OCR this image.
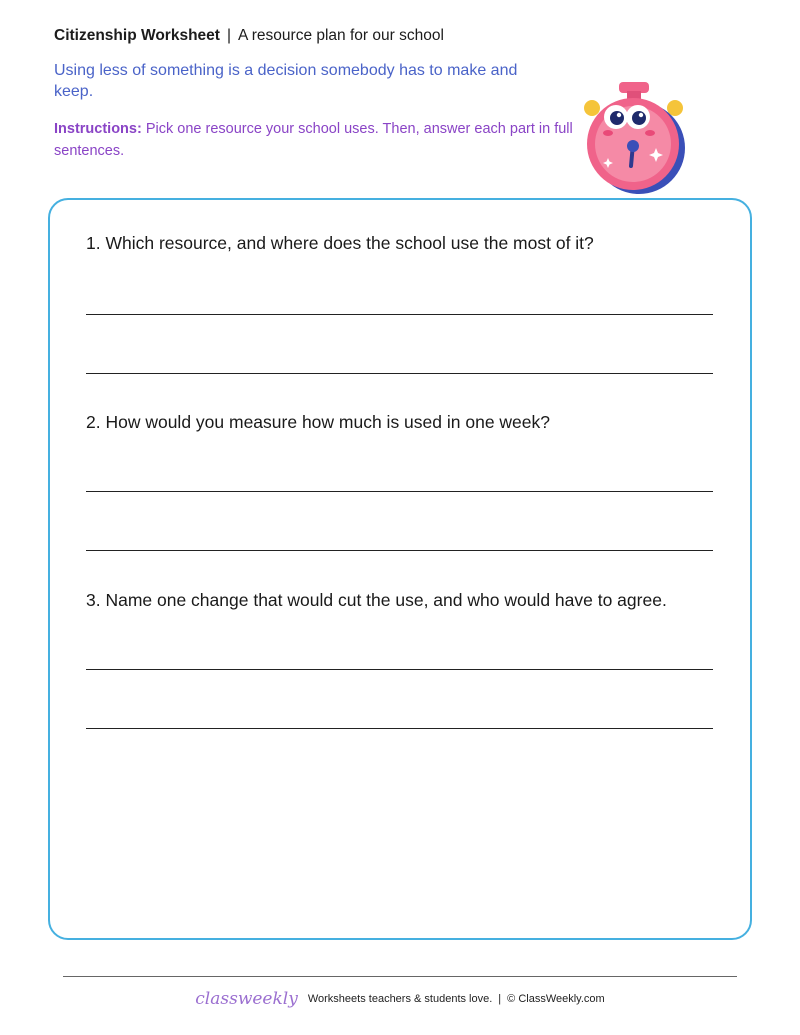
Citizenship Worksheet | A resource plan for our school
Using less of something is a decision somebody has to make and keep.
Instructions: Pick one resource your school uses. Then, answer each part in full sentences.
1. Which resource, and where does the school use the most of it?
2. How would you measure how much is used in one week?
3. Name one change that would cut the use, and who would have to agree.
classweekly Worksheets teachers & students love. | © ClassWeekly.com
